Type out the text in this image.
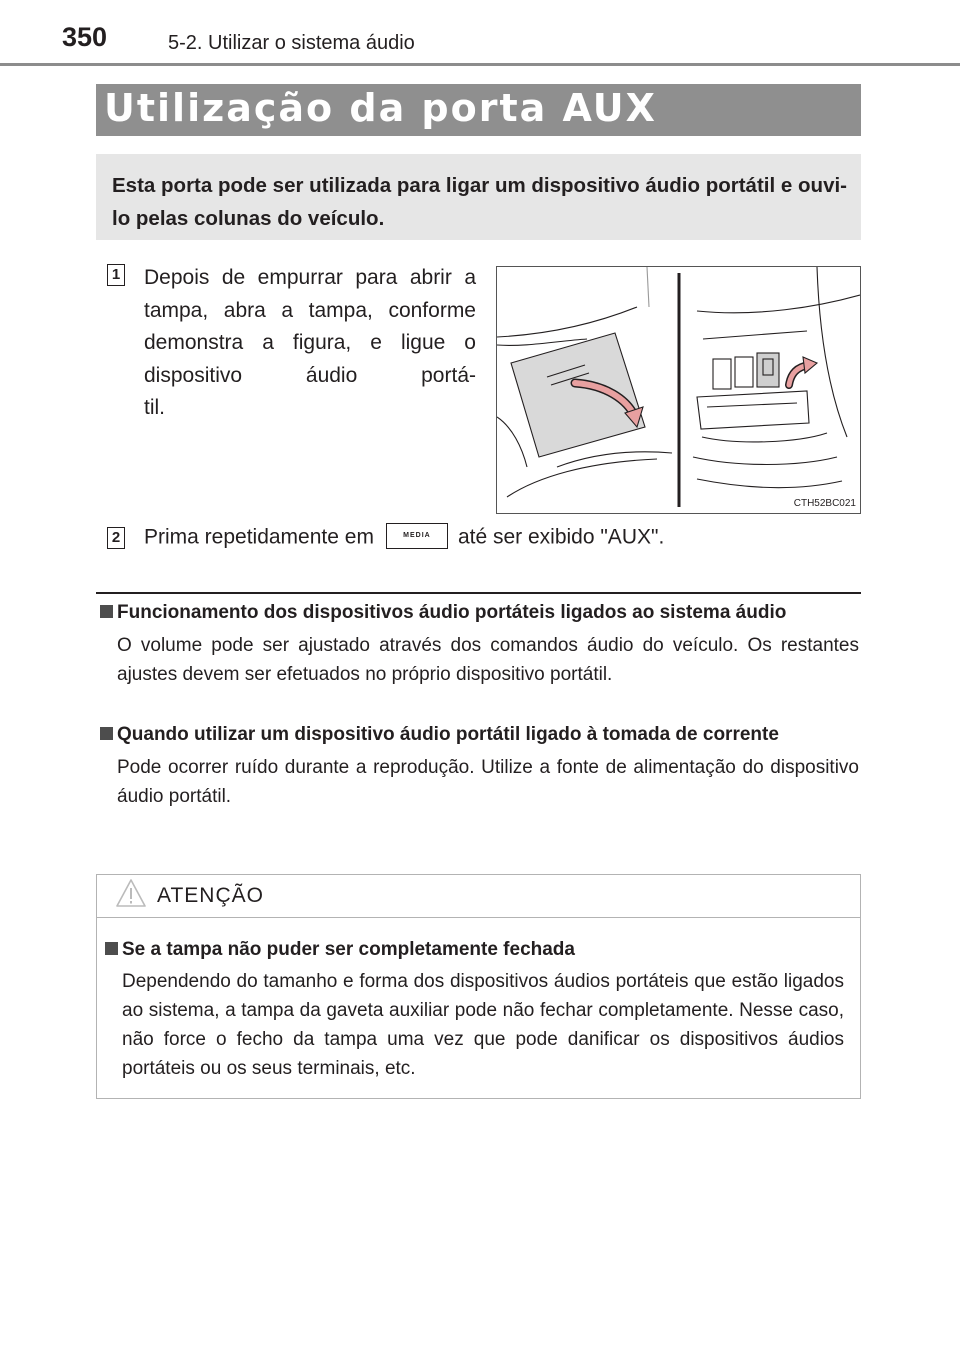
350	5-2. Utilizar o sistema áudio
Utilização da porta AUX
Esta porta pode ser utilizada para ligar um dispositivo áudio portátil e ouvi-lo pelas colunas do veículo.
1 Depois de empurrar para abrir a tampa, abra a tampa, conforme demonstra a figura, e ligue o dispositivo áudio portá-
til.
CTH52BC021
2 Prima repetidamente em	MEDIA até ser exibido "AUX".
Funcionamento dos dispositivos áudio portáteis ligados ao sistema áudio
O volume pode ser ajustado através dos comandos áudio do veículo. Os restantes ajustes devem ser efetuados no próprio dispositivo portátil.
Quando utilizar um dispositivo áudio portátil ligado à tomada de corrente
Pode ocorrer ruído durante a reprodução. Utilize a fonte de alimentação do dispositivo áudio portátil.
ATENÇÃO
Se a tampa não puder ser completamente fechada
Dependendo do tamanho e forma dos dispositivos áudios portáteis que estão ligados ao sistema, a tampa da gaveta auxiliar pode não fechar completamente. Nesse caso, não force o fecho da tampa uma vez que pode danificar os dispositivos áudios portáteis ou os seus terminais, etc.
